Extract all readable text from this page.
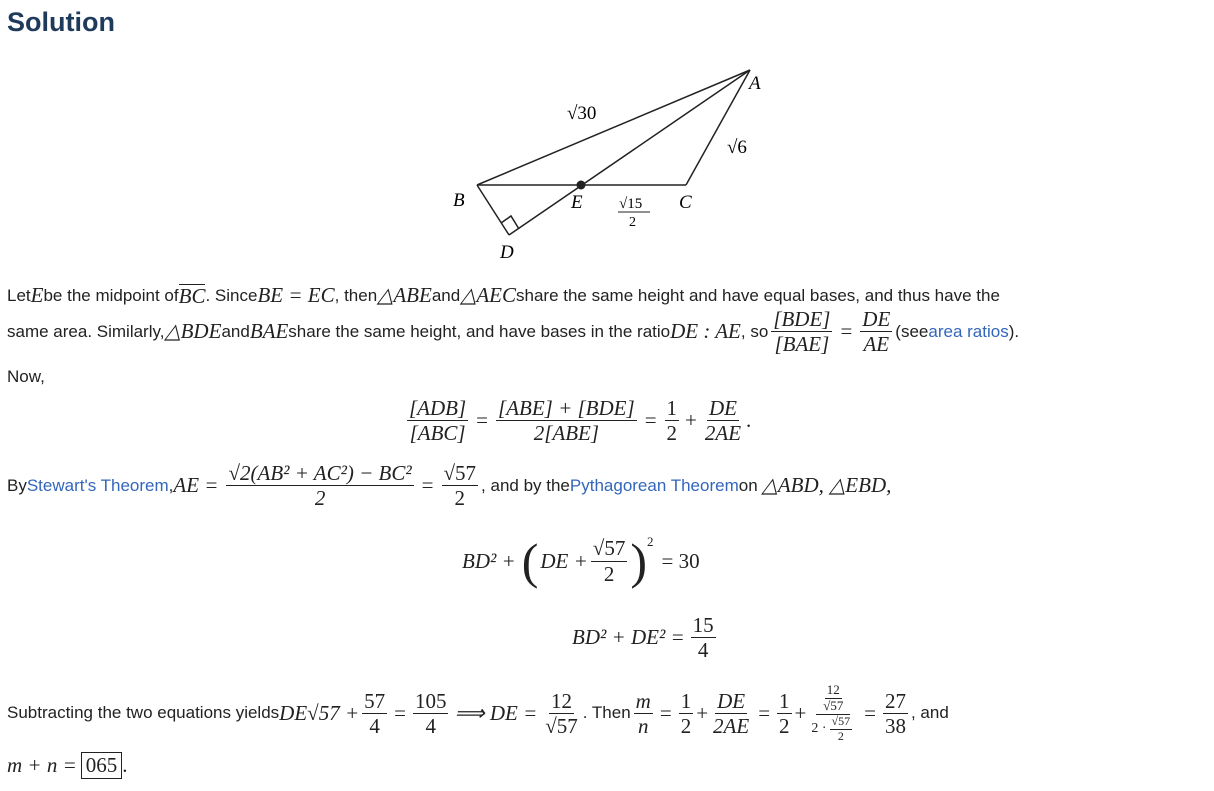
Solution
A
B	C
D
E
√30
√6
√15
2
Let E be the midpoint of BC . Since BE = EC , then △ABE and △AEC share the same height and have equal bases, and thus have the
same area. Similarly, △BDE and BAE share the same height, and have bases in the ratio DE : AE , so $\frac{\text{[BDE]}}{\text{[BAE]}} = \frac{DE}{AE} (see$ area ratios ).
Now,
$\frac{\text{[ADB]}}{\text{[ABC]}} = \frac{\text{[ABE] + [BDE]}}{\text{2[ABE]}} = \frac{1}{2} + \frac{DE}{2AE}$ .
By Stewart's Theorem , AE = $\frac{\text{√2(AB² + AC²) − BC²}}{2} = \frac{√57}{2}$ , and by the Pythagorean Theorem on △ABD, △EBD,
BD² + ( DE + $\frac{√57}{2}$ ) 2
= 30
$BD^2 + DE^2 = \frac{15}{4}$
Subtracting the two equations yields $DE√57 + \frac{57}{4} = \frac{105}{4}$ ⟹ DE = $\frac{12}{√57}$ . Then $\frac{m}{n} = \frac{1}{2} + \frac{DE}{2AE} = \frac{1}{2} + \frac{\frac{12}{√57}}{2 \cdot \frac{√57}{2}} = \frac{27}{38}$ , and
m + n = 065 .
